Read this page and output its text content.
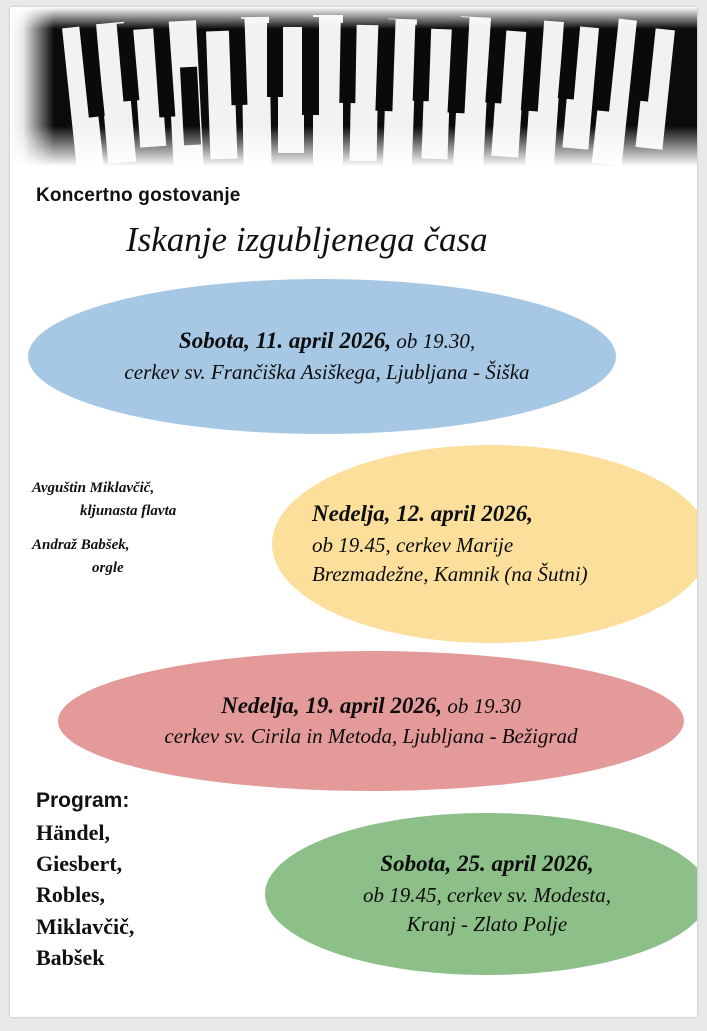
Koncertno gostovanje
Iskanje izgubljenega časa
Sobota, 11. april 2026, ob 19.30,
cerkev sv. Frančiška Asiškega, Ljubljana - Šiška
Nedelja, 12. april 2026,
ob 19.45, cerkev Marije
Brezmadežne, Kamnik (na Šutni)
Nedelja, 19. april 2026, ob 19.30
cerkev sv. Cirila in Metoda, Ljubljana - Bežigrad
Sobota, 25. april 2026,
ob 19.45, cerkev sv. Modesta,
Kranj - Zlato Polje
Avguštin Miklavčič,
kljunasta flavta
Andraž Babšek,
orgle
Program:
Händel,
Giesbert,
Robles,
Miklavčič,
Babšek
